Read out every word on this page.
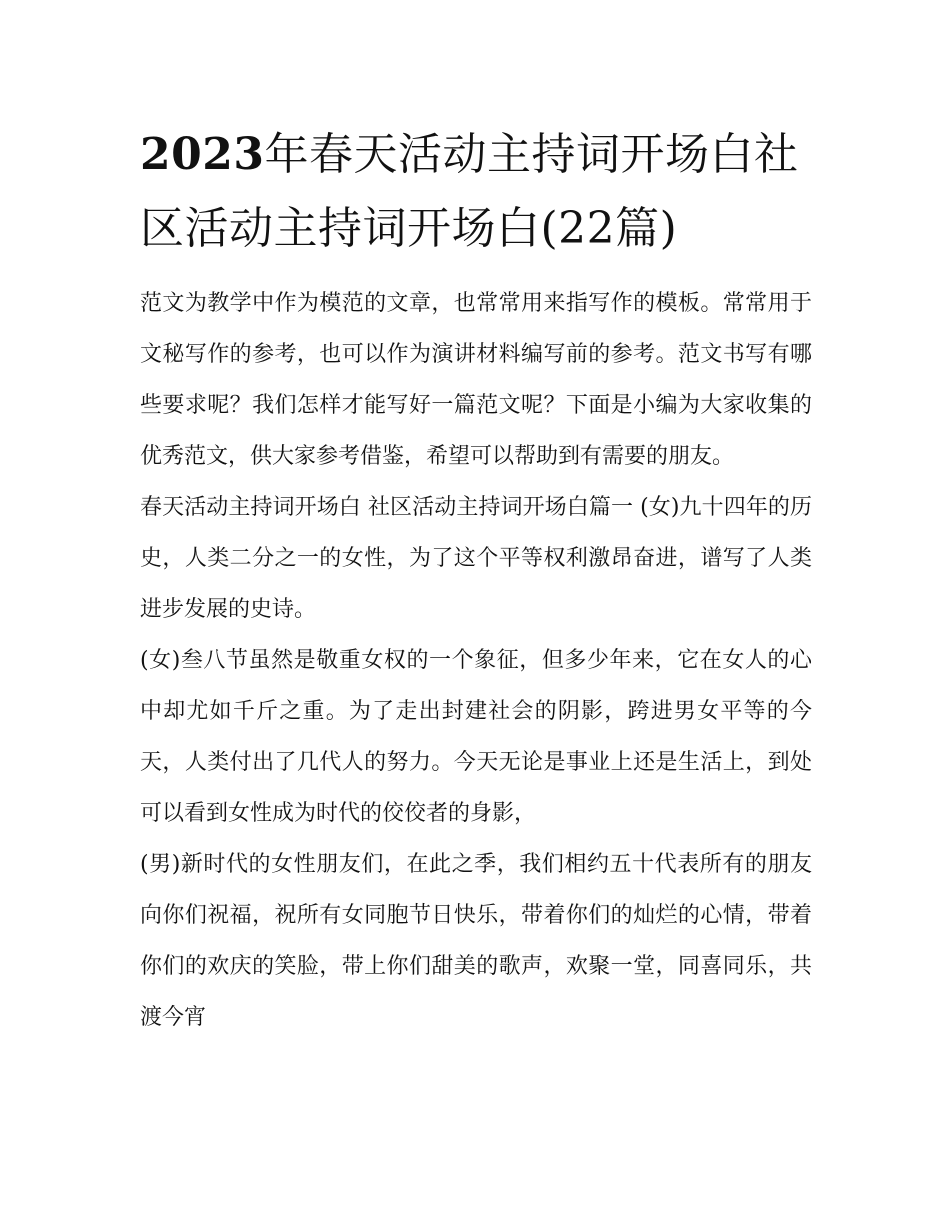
2023年春天活动主持词开场白社区活动主持词开场白(22篇)

范文为教学中作为模范的文章，也常常用来指写作的模板。常常用于文秘写作的参考，也可以作为演讲材料编写前的参考。范文书写有哪些要求呢？我们怎样才能写好一篇范文呢？下面是小编为大家收集的优秀范文，供大家参考借鉴，希望可以帮助到有需要的朋友。

春天活动主持词开场白 社区活动主持词开场白篇一 (女)九十四年的历史，人类二分之一的女性，为了这个平等权利激昂奋进，谱写了人类进步发展的史诗。

(女)叁八节虽然是敬重女权的一个象征，但多少年来，它在女人的心中却尤如千斤之重。为了走出封建社会的阴影，跨进男女平等的今天，人类付出了几代人的努力。今天无论是事业上还是生活上，到处可以看到女性成为时代的佼佼者的身影，

(男)新时代的女性朋友们，在此之季，我们相约五十代表所有的朋友向你们祝福，祝所有女同胞节日快乐，带着你们的灿烂的心情，带着你们的欢庆的笑脸，带上你们甜美的歌声，欢聚一堂，同喜同乐，共渡今宵
